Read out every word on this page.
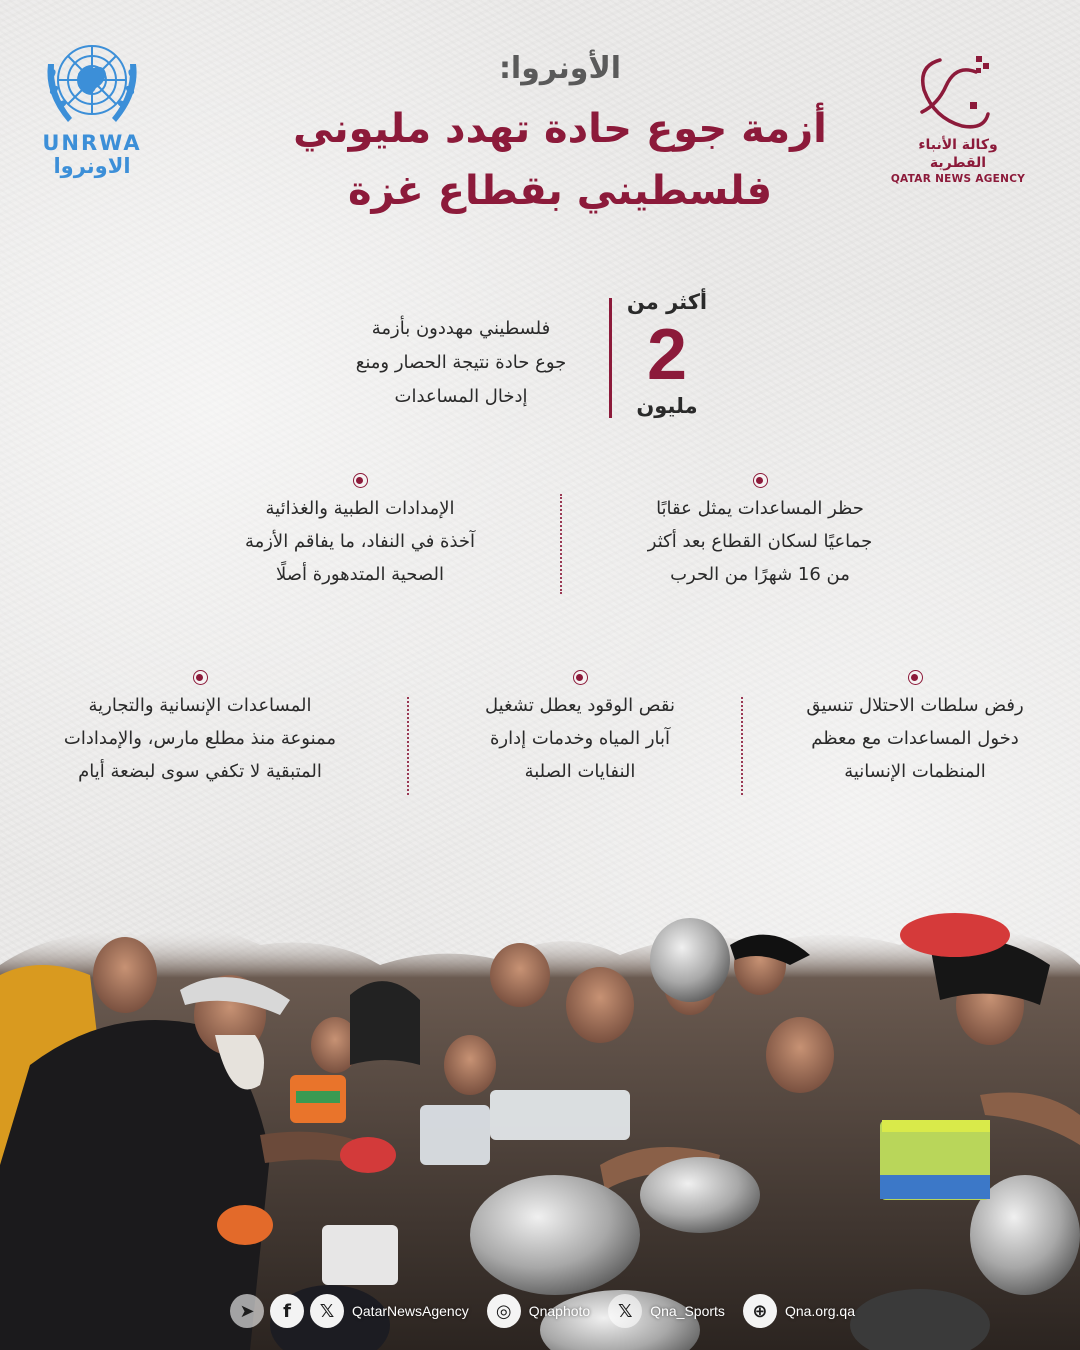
UNRWA
الاونروا
وكالة الأنباء القطرية
QATAR NEWS AGENCY
الأونروا:
أزمة جوع حادة تهدد مليوني
فلسطيني بقطاع غزة
أكثر من
2
مليون
فلسطيني مهددون بأزمة
جوع حادة نتيجة الحصار ومنع
إدخال المساعدات
حظر المساعدات يمثل عقابًا
جماعيًا لسكان القطاع بعد أكثر
من 16 شهرًا من الحرب
الإمدادات الطبية والغذائية
آخذة في النفاد، ما يفاقم الأزمة
الصحية المتدهورة أصلًا
رفض سلطات الاحتلال تنسيق
دخول المساعدات مع معظم
المنظمات الإنسانية
نقص الوقود يعطل تشغيل
آبار المياه وخدمات إدارة
النفايات الصلبة
المساعدات الإنسانية والتجارية
ممنوعة منذ مطلع مارس، والإمدادات
المتبقية لا تكفي سوى لبضعة أيام
➤	f	𝕏	QatarNewsAgency	◎	Qnaphoto	𝕏	Qna_Sports	⊕	Qna.org.qa
